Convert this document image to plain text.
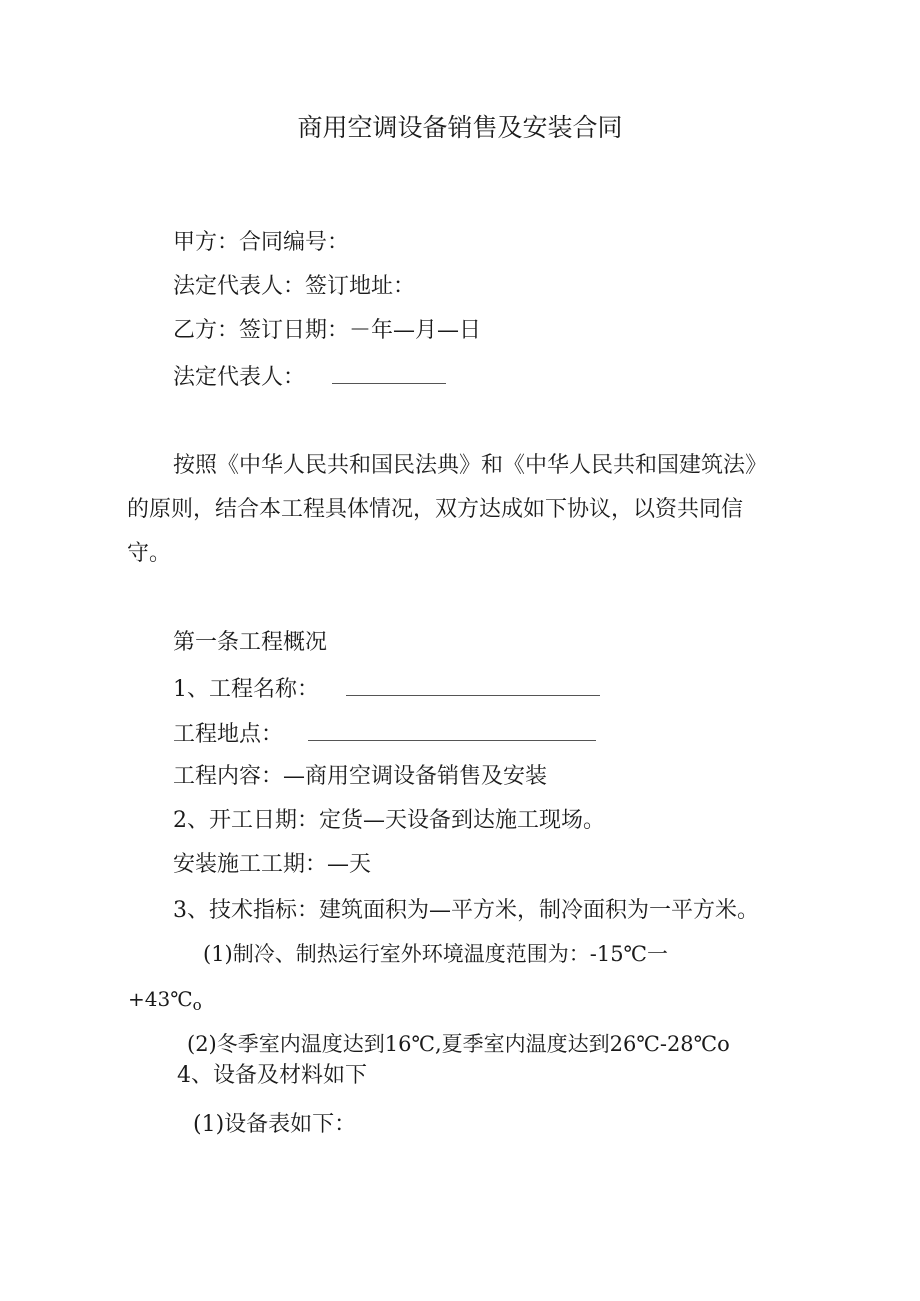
商用空调设备销售及安装合同
甲方：合同编号：
法定代表人：签订地址：
乙方：签订日期：－年—月—日
法定代表人：
按照《中华人民共和国民法典》和《中华人民共和国建筑法》
的原则，结合本工程具体情况，双方达成如下协议，以资共同信
守。
第一条工程概况
1、工程名称：
工程地点：
工程内容：—商用空调设备销售及安装
2、开工日期：定货—天设备到达施工现场。
安装施工工期：—天
3、技术指标：建筑面积为—平方米，制冷面积为一平方米。
(1)制冷、制热运行室外环境温度范围为：-15℃一
$+43℃_o$
(2)冬季室内温度达到16℃,夏季室内温度达到26℃-28℃o
4、设备及材料如下
(1)设备表如下：
